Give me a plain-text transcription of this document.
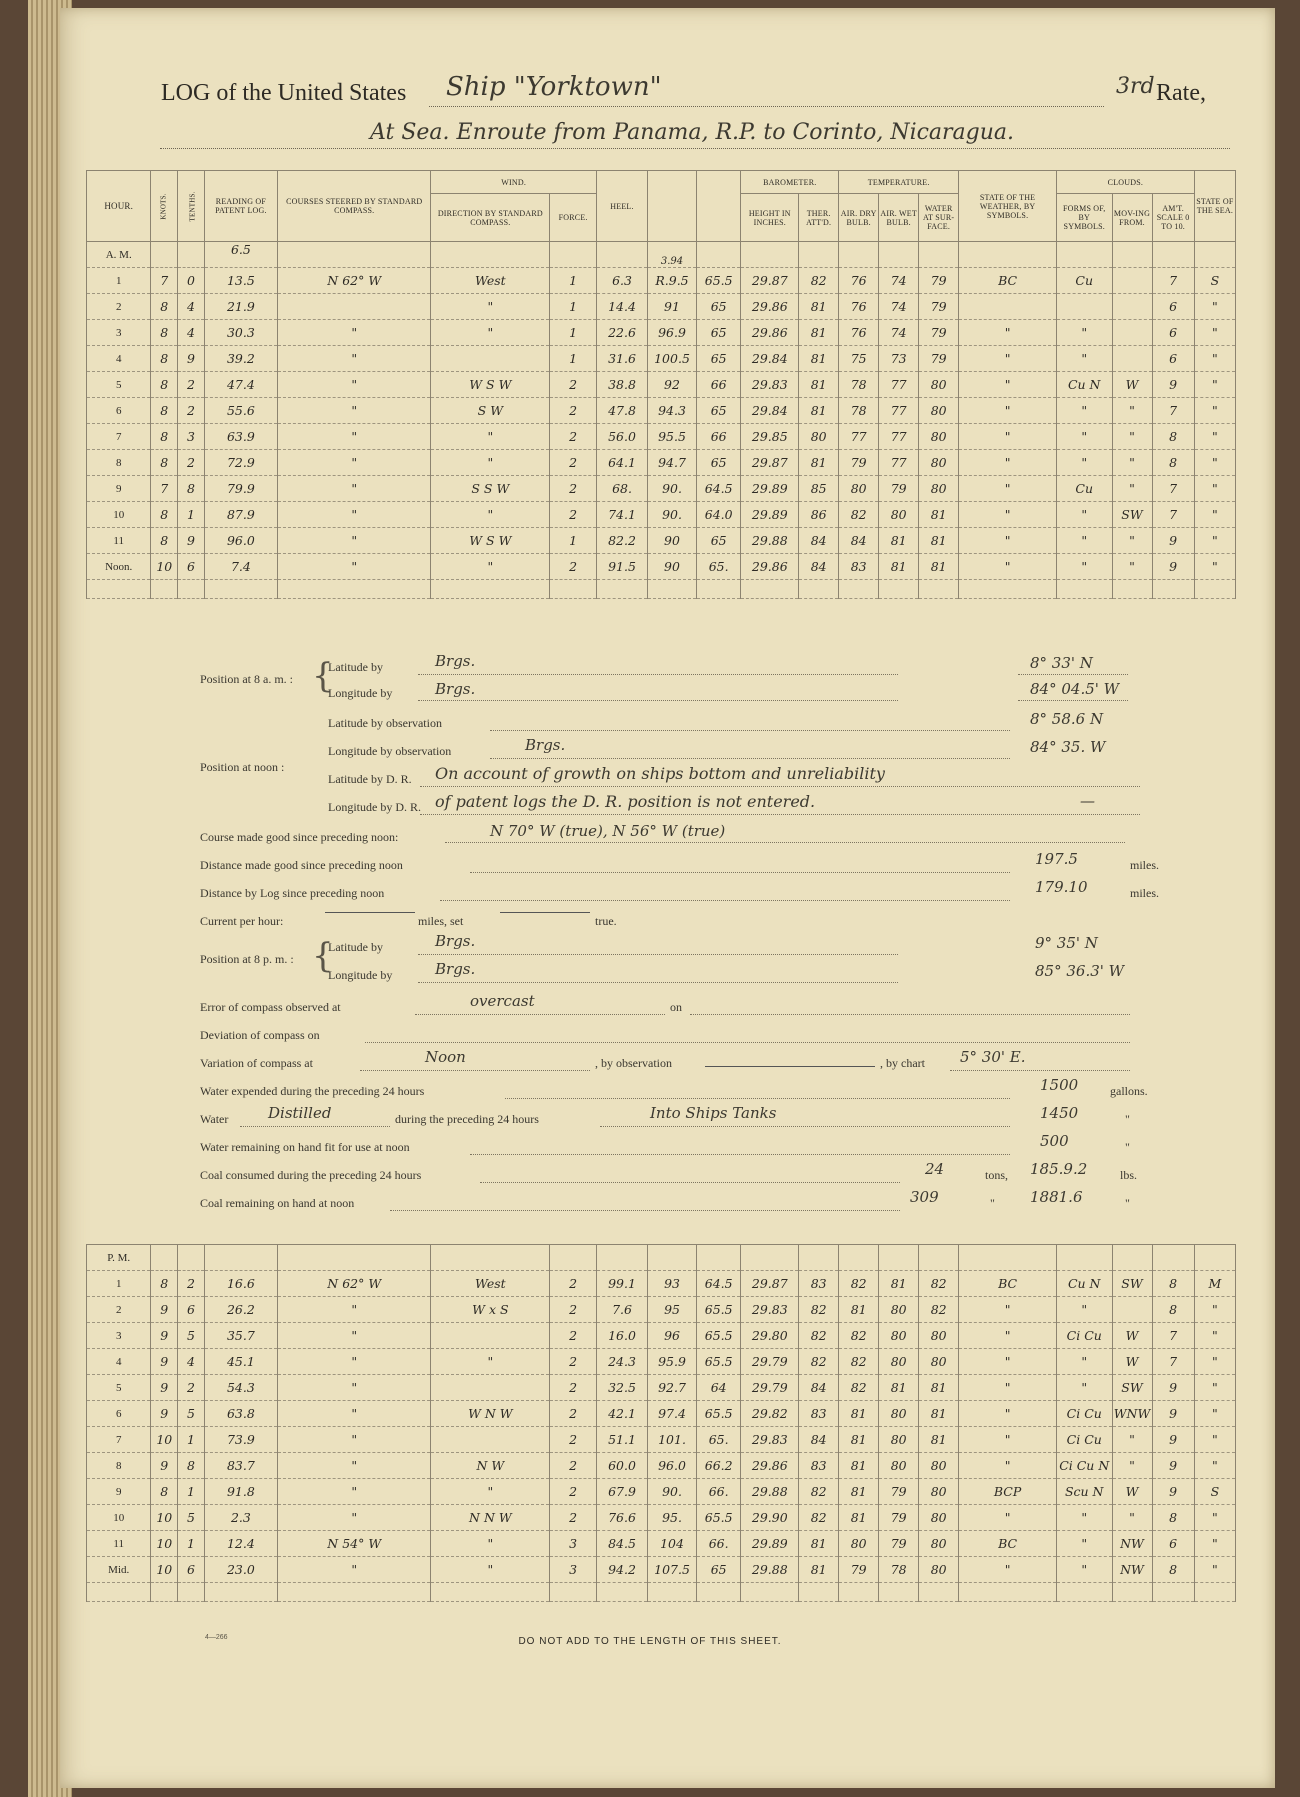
LOG of the United States Ship "Yorktown"	3rd Rate,
At Sea. Enroute from Panama, R.P. to Corinto, Nicaragua.
HOUR.	KNOTS.	TENTHS.	READING OF PATENT LOG.	COURSES STEERED BY STANDARD COMPASS.	WIND.		HEEL.			BAROMETER.		TEMPERATURE.			STATE OF THE WEATHER, BY SYMBOLS.	CLOUDS.			STATE OF THE SEA.
					DIRECTION BY STANDARD COMPASS.	FORCE.				HEIGHT IN INCHES.	THER. ATT'D.	AIR. DRY BULB.	AIR. WET BULB.	WATER AT SUR-FACE.		FORMS OF, BY SYMBOLS.	MOV-ING FROM.	AM'T. SCALE 0 TO 10.	
A. M.			6.5					3.94											
1	7	0	13.5	N 62° W	West	1	6.3	R.9.5	65.5	29.87	82	76	74	79	BC	Cu		7	S
2	8	4	21.9		"	1	14.4	91	65	29.86	81	76	74	79				6	"
3	8	4	30.3	"	"	1	22.6	96.9	65	29.86	81	76	74	79	"	"		6	"
4	8	9	39.2	"		1	31.6	100.5	65	29.84	81	75	73	79	"	"		6	"
5	8	2	47.4	"	W S W	2	38.8	92	66	29.83	81	78	77	80	"	Cu N	W	9	"
6	8	2	55.6	"	S W	2	47.8	94.3	65	29.84	81	78	77	80	"	"	"	7	"
7	8	3	63.9	"	"	2	56.0	95.5	66	29.85	80	77	77	80	"	"	"	8	"
8	8	2	72.9	"	"	2	64.1	94.7	65	29.87	81	79	77	80	"	"	"	8	"
9	7	8	79.9	"	S S W	2	68.	90.	64.5	29.89	85	80	79	80	"	Cu	"	7	"
10	8	1	87.9	"	"	2	74.1	90.	64.0	29.89	86	82	80	81	"	"	SW	7	"
11	8	9	96.0	"	W S W	1	82.2	90	65	29.88	84	84	81	81	"	"	"	9	"
Noon.	10	6	7.4	"	"	2	91.5	90	65.	29.86	84	83	81	81	"	"	"	9	"

Position at 8 a. m. : {
Latitude by	Brgs.	8° 33' N
Longitude by	Brgs.	84° 04.5' W
Position at noon :
Latitude by observation	8° 58.6 N
Longitude by observation	Brgs.	84° 35. W
Latitude by D. R. On account of growth on ships bottom and unreliability
Longitude by D. R. of patent logs the D. R. position is not entered.	—
Course made good since preceding noon:	N 70° W (true), N 56° W (true)
Distance made good since preceding noon	197.5	miles.
Distance by Log since preceding noon	179.10	miles.
Current per hour:	miles, set	true.
Position at 8 p. m. : {
Latitude by	Brgs.	9° 35' N
Longitude by	Brgs.	85° 36.3' W
Error of compass observed at	overcast	on
Deviation of compass on
Variation of compass at	Noon	, by observation	, by chart 5° 30' E.
Water expended during the preceding 24 hours	1500	gallons.
Water	Distilled	during the preceding 24 hours	Into Ships Tanks	1450	"
Water remaining on hand fit for use at noon	500	"
Coal consumed during the preceding 24 hours	24	tons, 185.9.2	lbs.
Coal remaining on hand at noon	309	" 1881.6	"
P. M.																			
1	8	2	16.6	N 62° W	West	2	99.1	93	64.5	29.87	83	82	81	82	BC	Cu N	SW	8	M
2	9	6	26.2	"	W x S	2	7.6	95	65.5	29.83	82	81	80	82	"	"		8	"
3	9	5	35.7	"		2	16.0	96	65.5	29.80	82	82	80	80	"	Ci Cu	W	7	"
4	9	4	45.1	"	"	2	24.3	95.9	65.5	29.79	82	82	80	80	"	"	W	7	"
5	9	2	54.3	"		2	32.5	92.7	64	29.79	84	82	81	81	"	"	SW	9	"
6	9	5	63.8	"	W N W	2	42.1	97.4	65.5	29.82	83	81	80	81	"	Ci Cu	WNW	9	"
7	10	1	73.9	"		2	51.1	101.	65.	29.83	84	81	80	81	"	Ci Cu	"	9	"
8	9	8	83.7	"	N W	2	60.0	96.0	66.2	29.86	83	81	80	80	"	Ci Cu N	"	9	"
9	8	1	91.8	"	"	2	67.9	90.	66.	29.88	82	81	79	80	BCP	Scu N	W	9	S
10	10	5	2.3	"	N N W	2	76.6	95.	65.5	29.90	82	81	79	80	"	"	"	8	"
11	10	1	12.4	N 54° W	"	3	84.5	104	66.	29.89	81	80	79	80	BC	"	NW	6	"
Mid.	10	6	23.0	"	"	3	94.2	107.5	65	29.88	81	79	78	80	"	"	NW	8	"

4—266	DO NOT ADD TO THE LENGTH OF THIS SHEET.
